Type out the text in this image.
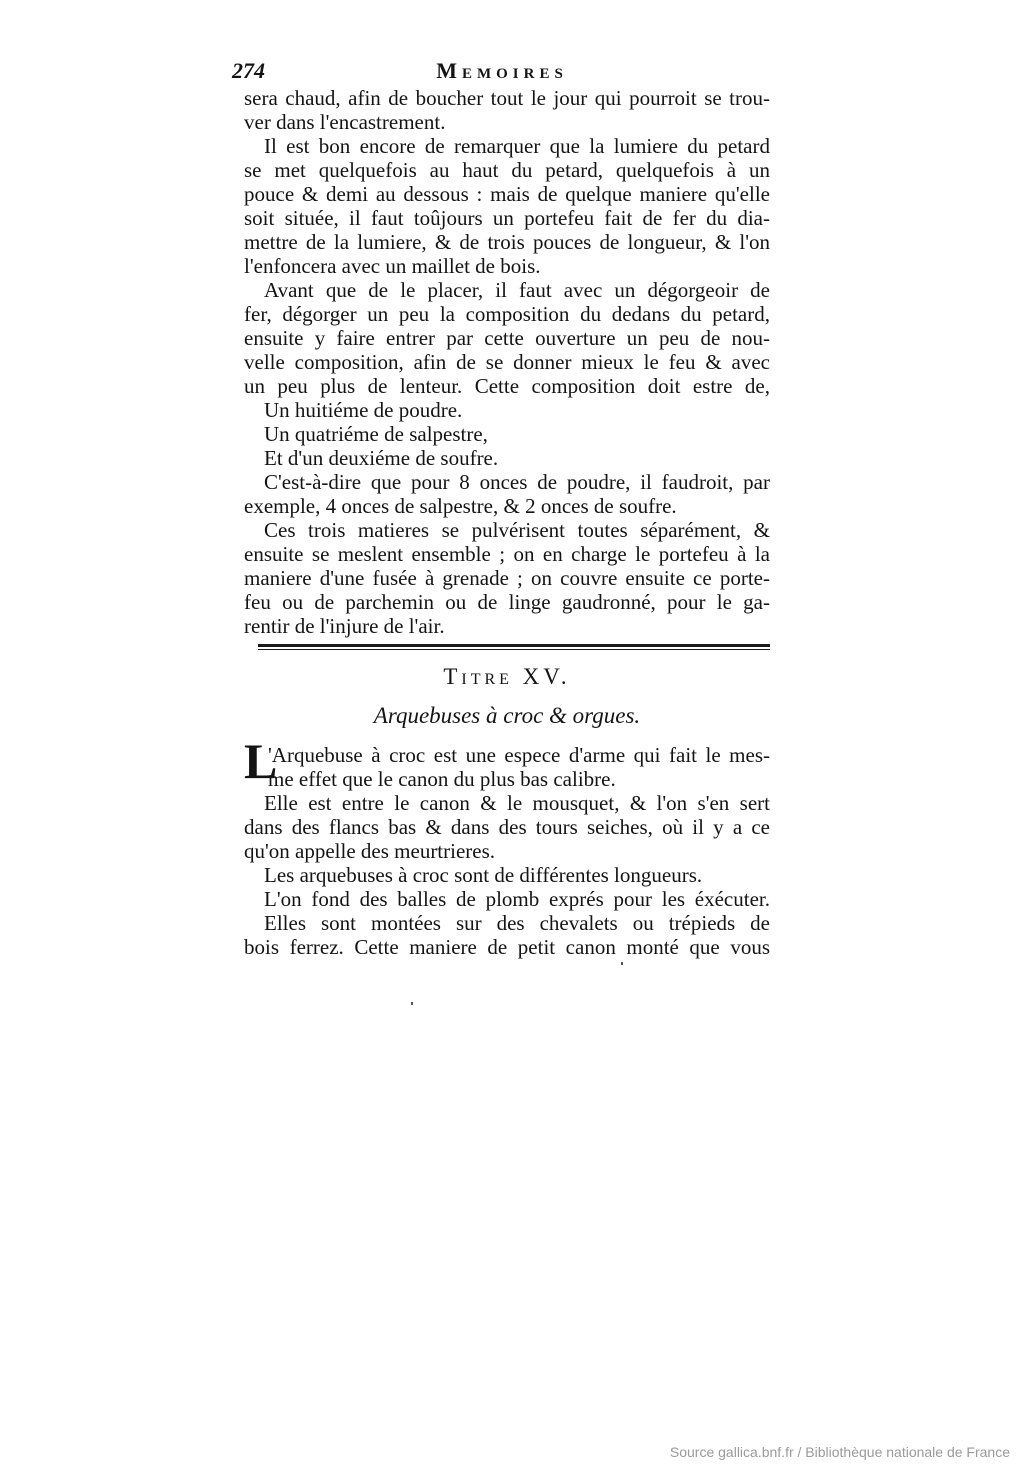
274	Memoires
sera chaud, afin de boucher tout le jour qui pourroit se trou-
ver dans l'encastrement.
Il est bon encore de remarquer que la lumiere du petard
se met quelquefois au haut du petard, quelquefois à un
pouce & demi au dessous : mais de quelque maniere qu'elle
soit située, il faut toûjours un portefeu fait de fer du dia-
mettre de la lumiere, & de trois pouces de longueur, & l'on
l'enfoncera avec un maillet de bois.
Avant que de le placer, il faut avec un dégorgeoir de
fer, dégorger un peu la composition du dedans du petard,
ensuite y faire entrer par cette ouverture un peu de nou-
velle composition, afin de se donner mieux le feu & avec
un peu plus de lenteur. Cette composition doit estre de,
Un huitiéme de poudre.
Un quatriéme de salpestre,
Et d'un deuxiéme de soufre.
C'est-à-dire que pour 8 onces de poudre, il faudroit, par
exemple, 4 onces de salpestre, & 2 onces de soufre.
Ces trois matieres se pulvérisent toutes séparément, &
ensuite se meslent ensemble ; on en charge le portefeu à la
maniere d'une fusée à grenade ; on couvre ensuite ce porte-
feu ou de parchemin ou de linge gaudronné, pour le ga-
rentir de l'injure de l'air.
Titre XV.
Arquebuses à croc & orgues.
L
'Arquebuse à croc est une espece d'arme qui fait le mes-
me effet que le canon du plus bas calibre.
Elle est entre le canon & le mousquet, & l'on s'en sert
dans des flancs bas & dans des tours seiches, où il y a ce
qu'on appelle des meurtrieres.
Les arquebuses à croc sont de différentes longueurs.
L'on fond des balles de plomb exprés pour les éxécuter.
Elles sont montées sur des chevalets ou trépieds de
bois ferrez. Cette maniere de petit canon monté que vous
Source gallica.bnf.fr / Bibliothèque nationale de France
